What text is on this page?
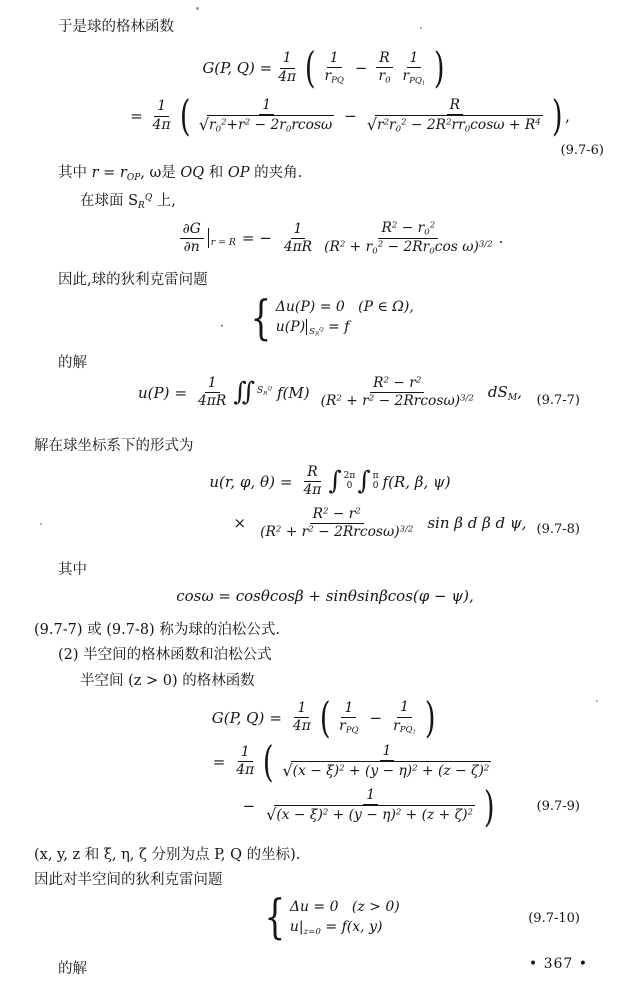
于是球的格林函数

G(P, $Q) = \frac{1}{4\pi}$ ( $\frac{1}{r_{PQ}} - \frac{R}{r_0} \frac{1}{r_{PQ_1}}$ )
= $\frac{1}{4\pi}$ ( $\frac{1}{√ r_0^2+r^2 - 2r_0rcos\omega} - \frac{R}{√ r^2r_0^2 - 2R^2rr_0\cos\omega + R^4}$ ) ,
(9.7-6)

其中 $r = r_{OP}$, ω是 OQ 和 OP 的夹角.

在球面 $S_R^Q$ 上,

$\frac{\partial G}{\partial n} _{r = R}$ = − $\frac{1}{4\pi R} \frac{R^2 - r_0^2}{(R^2 + r_0^2 - 2Rr_0\cos \omega)^{3/2}}$ .

因此,球的狄利克雷问题

· { Δu(P) = 0   (P ∈ Ω),
u(P) $_{S_R^Q}$ = f

的解

$u(P) = \frac{1}{4\pi R}$ ∬ $S_R^Q$ $f(M) \frac{R^2 - r^2}{(R^2 + r^2 - 2Rrcos\omega)^{3/2}} dS_M$, (9.7-7)

解在球坐标系下的形式为

u(r, φ, $\theta) = \frac{R}{4\pi}$ ∫ 2π
0 ∫ π
0 f(R, β, ψ)
× $\frac{R^2 - r^2}{(R^2 + r^2 - 2Rrcos\omega)^{3/2}}$ sin β d β d ψ, (9.7-8)

其中

cosω = cosθcosβ + sinθsinβcos(φ − ψ),

(9.7-7) 或 (9.7-8) 称为球的泊松公式.

(2) 半空间的格林函数和泊松公式

半空间 (z > 0) 的格林函数

G(P, $Q) = \frac{1}{4\pi}$ ( $\frac{1}{r_{PQ}} - \frac{1}{r_{PQ_1}}$ )
= $\frac{1}{4\pi}$ ( $\frac{1}{√ (x - \xi)^2 + (y - \eta)^2 + (z - \zeta)^2}$
− $\frac{1}{√ (x - \xi)^2 + (y - \eta)^2 + (z + \zeta)^2}$ )	(9.7-9)

(x, y, z 和 ξ, η, ζ 分别为点 P, Q 的坐标).

因此对半空间的狄利克雷问题

{ Δu = 0   (z > 0)
$u|_{z=0} = f(x$, y)
(9.7-10)

的解	• 367 •
